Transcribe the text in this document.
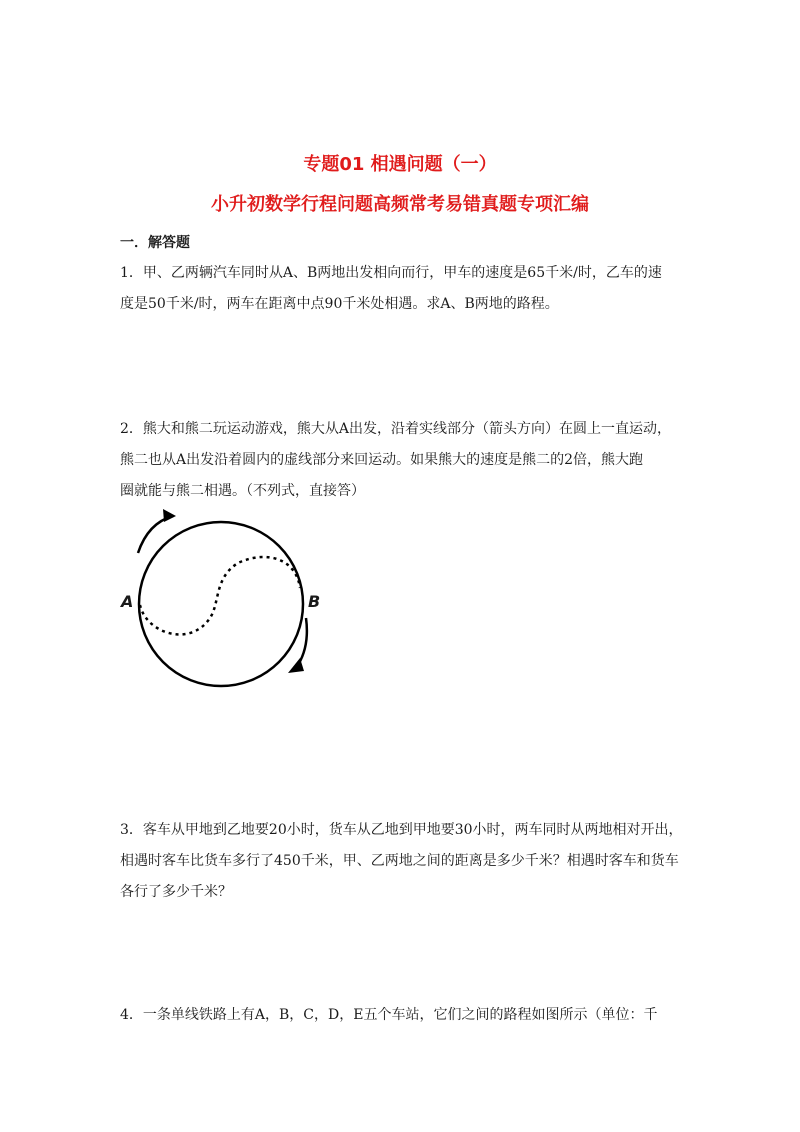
专题01 相遇问题（一）
小升初数学行程问题高频常考易错真题专项汇编
一．解答题
1．甲、乙两辆汽车同时从A、B两地出发相向而行，甲车的速度是65千米/时，乙车的速
度是50千米/时，两车在距离中点90千米处相遇。求A、B两地的路程。
2．熊大和熊二玩运动游戏，熊大从A出发，沿着实线部分（箭头方向）在圆上一直运动，
熊二也从A出发沿着圆内的虚线部分来回运动。如果熊大的速度是熊二的2倍，熊大跑
圈就能与熊二相遇。（不列式，直接答）
A	B
3．客车从甲地到乙地要20小时，货车从乙地到甲地要30小时，两车同时从两地相对开出，
相遇时客车比货车多行了450千米，甲、乙两地之间的距离是多少千米？相遇时客车和货车
各行了多少千米？
4．一条单线铁路上有A，B，C，D，E五个车站，它们之间的路程如图所示（单位：千
